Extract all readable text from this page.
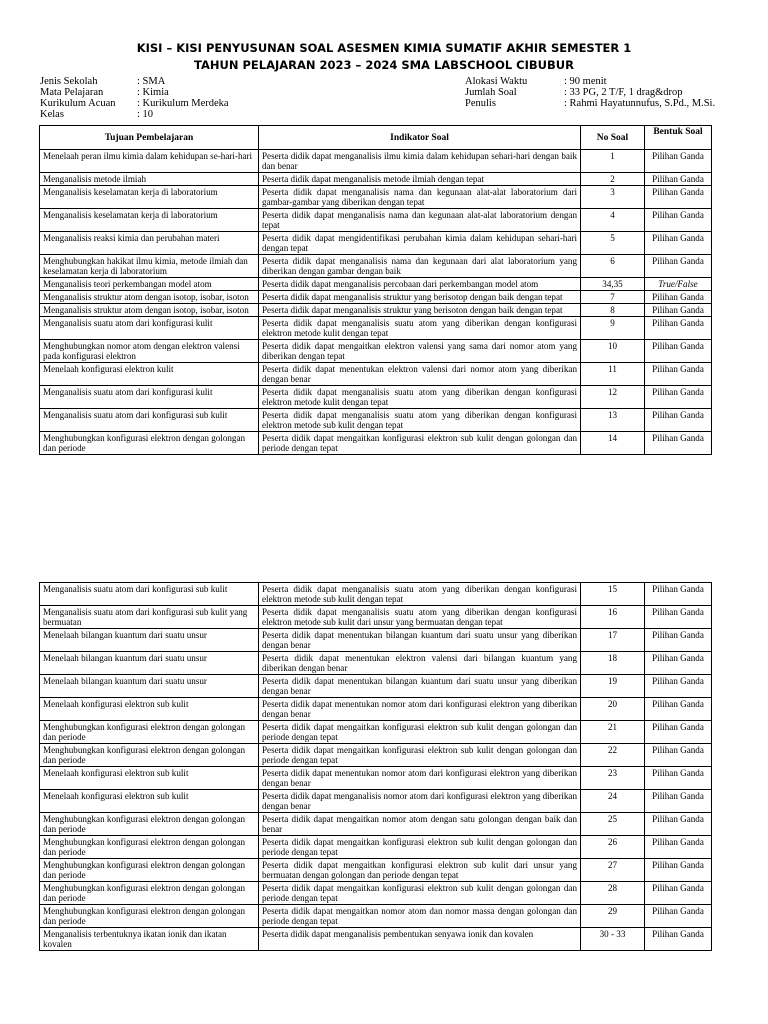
KISI – KISI PENYUSUNAN SOAL ASESMEN KIMIA SUMATIF AKHIR SEMESTER 1
TAHUN PELAJARAN 2023 – 2024 SMA LABSCHOOL CIBUBUR
Jenis Sekolah	: SMA
Mata Pelajaran	: Kimia
Kurikulum Acuan : Kurikulum Merdeka
Kelas	: 10
Alokasi Waktu	: 90 menit
Jumlah Soal	: 33 PG, 2 T/F, 1 drag&drop
Penulis	: Rahmi Hayatunnufus, S.Pd., M.Si.
Tujuan Pembelajaran	Indikator Soal	No Soal	Bentuk Soal
Menelaah peran ilmu kimia dalam kehidupan se-hari-hari	Peserta didik dapat menganalisis ilmu kimia dalam kehidupan sehari-hari dengan baik dan benar	1	Pilihan Ganda
Menganalisis metode ilmiah	Peserta didik dapat menganalisis metode ilmiah dengan tepat	2	Pilihan Ganda
Menganalisis keselamatan kerja di laboratorium	Peserta didik dapat menganalisis nama dan kegunaan alat-alat laboratorium dari gambar-gambar yang diberikan dengan tepat	3	Pilihan Ganda
Menganalisis keselamatan kerja di laboratorium	Peserta didik dapat menganalisis nama dan kegunaan alat-alat laboratorium dengan tepat	4	Pilihan Ganda
Menganalisis reaksi kimia dan perubahan materi	Peserta didik dapat mengidentifikasi perubahan kimia dalam kehidupan sehari-hari dengan tepat	5	Pilihan Ganda
Menghubungkan hakikat ilmu kimia, metode ilmiah dan keselamatan kerja di laboratorium	Peserta didik dapat menganalisis nama dan kegunaan dari alat laboratorium yang diberikan dengan gambar dengan baik	6	Pilihan Ganda
Menganalisis teori perkembangan model atom	Peserta didik dapat menganalisis percobaan dari perkembangan model atom	34,35	True/False
Menganalisis struktur atom dengan isotop, isobar, isoton	Peserta didik dapat menganalisis struktur yang berisotop dengan baik dengan tepat	7	Pilihan Ganda
Menganalisis struktur atom dengan isotop, isobar, isoton	Peserta didik dapat menganalisis struktur yang berisoton dengan baik dengan tepat	8	Pilihan Ganda
Menganalisis suatu atom dari konfigurasi kulit	Peserta didik dapat menganalisis suatu atom yang diberikan dengan konfigurasi elektron metode kulit dengan tepat	9	Pilihan Ganda
Menghubungkan nomor atom dengan elektron valensi pada konfigurasi elektron	Peserta didik dapat mengaitkan elektron valensi yang sama dari nomor atom yang diberikan dengan tepat	10	Pilihan Ganda
Menelaah konfigurasi elektron kulit	Peserta didik dapat menentukan elektron valensi dari nomor atom yang diberikan dengan benar	11	Pilihan Ganda
Menganalisis suatu atom dari konfigurasi kulit	Peserta didik dapat menganalisis suatu atom yang diberikan dengan konfigurasi elektron metode kulit dengan tepat	12	Pilihan Ganda
Menganalisis suatu atom dari konfigurasi sub kulit	Peserta didik dapat menganalisis suatu atom yang diberikan dengan konfigurasi elektron metode sub kulit dengan tepat	13	Pilihan Ganda
Menghubungkan konfigurasi elektron dengan golongan dan periode	Peserta didik dapat mengaitkan konfigurasi elektron sub kulit dengan golongan dan periode dengan tepat	14	Pilihan Ganda
Menganalisis suatu atom dari konfigurasi sub kulit	Peserta didik dapat menganalisis suatu atom yang diberikan dengan konfigurasi elektron metode sub kulit dengan tepat	15	Pilihan Ganda
Menganalisis suatu atom dari konfigurasi sub kulit yang bermuatan	Peserta didik dapat menganalisis suatu atom yang diberikan dengan konfigurasi elektron metode sub kulit dari unsur yang bermuatan dengan tepat	16	Pilihan Ganda
Menelaah bilangan kuantum dari suatu unsur	Peserta didik dapat menentukan bilangan kuantum dari suatu unsur yang diberikan dengan benar	17	Pilihan Ganda
Menelaah bilangan kuantum dari suatu unsur	Peserta didik dapat menentukan elektron valensi dari bilangan kuantum yang diberikan dengan benar	18	Pilihan Ganda
Menelaah bilangan kuantum dari suatu unsur	Peserta didik dapat menentukan bilangan kuantum dari suatu unsur yang diberikan dengan benar	19	Pilihan Ganda
Menelaah konfigurasi elektron sub kulit	Peserta didik dapat menentukan nomor atom dari konfigurasi elektron yang diberikan dengan benar	20	Pilihan Ganda
Menghubungkan konfigurasi elektron dengan golongan dan periode	Peserta didik dapat mengaitkan konfigurasi elektron sub kulit dengan golongan dan periode dengan tepat	21	Pilihan Ganda
Menghubungkan konfigurasi elektron dengan golongan dan periode	Peserta didik dapat mengaitkan konfigurasi elektron sub kulit dengan golongan dan periode dengan tepat	22	Pilihan Ganda
Menelaah konfigurasi elektron sub kulit	Peserta didik dapat menentukan nomor atom dari konfigurasi elektron yang diberikan dengan benar	23	Pilihan Ganda
Menelaah konfigurasi elektron sub kulit	Peserta didik dapat menganalisis nomor atom dari konfigurasi elektron yang diberikan dengan benar	24	Pilihan Ganda
Menghubungkan konfigurasi elektron dengan golongan dan periode	Peserta didik dapat mengaitkan nomor atom dengan satu golongan dengan baik dan benar	25	Pilihan Ganda
Menghubungkan konfigurasi elektron dengan golongan dan periode	Peserta didik dapat mengaitkan konfigurasi elektron sub kulit dengan golongan dan periode dengan tepat	26	Pilihan Ganda
Menghubungkan konfigurasi elektron dengan golongan dan periode	Peserta didik dapat mengaitkan konfigurasi elektron sub kulit dari unsur yang bermuatan dengan golongan dan periode dengan tepat	27	Pilihan Ganda
Menghubungkan konfigurasi elektron dengan golongan dan periode	Peserta didik dapat mengaitkan konfigurasi elektron sub kulit dengan golongan dan periode dengan tepat	28	Pilihan Ganda
Menghubungkan konfigurasi elektron dengan golongan dan periode	Peserta didik dapat mengaitkan nomor atom dan nomor massa dengan golongan dan periode dengan tepat	29	Pilihan Ganda
Menganalisis terbentuknya ikatan ionik dan ikatan kovalen	Peserta didik dapat menganalisis pembentukan senyawa ionik dan kovalen	30 - 33	Pilihan Ganda
